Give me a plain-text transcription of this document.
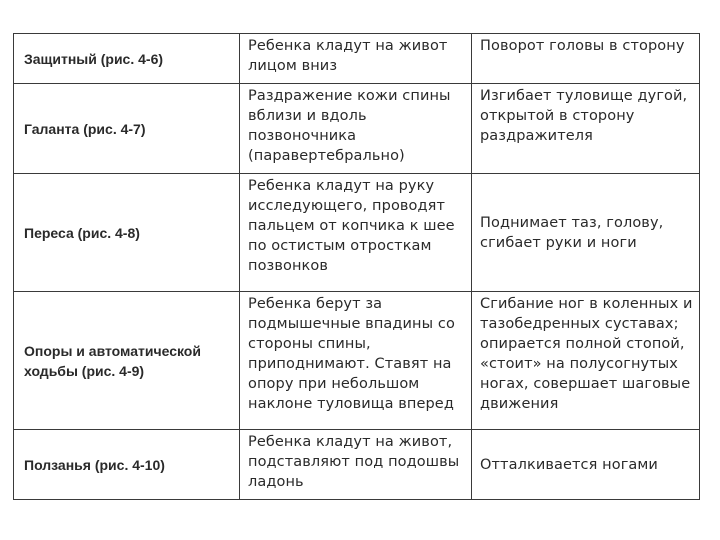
Защитный (рис. 4-6)	Ребенка кладут на живот лицом вниз	Поворот головы в сторону
Галанта (рис. 4-7)	Раздражение кожи спины вблизи и вдоль позвоночника (паравертебрально)	Изгибает туловище дугой, открытой в сторону раздражителя
Переса (рис. 4-8)	Ребенка кладут на руку исследующего, проводят пальцем от копчика к шее по остистым отросткам позвонков	Поднимает таз, голову, сгибает руки и ноги
Опоры и автоматической ходьбы (рис. 4-9)	Ребенка берут за подмышечные впадины со стороны спины, приподнимают. Ставят на опору при небольшом наклоне туловища вперед	Сгибание ног в коленных и тазобедренных суставах; опирается полной стопой, «стоит» на полусогнутых ногах, совершает шаговые движения
Ползанья (рис. 4-10)	Ребенка кладут на живот, подставляют под подошвы ладонь	Отталкивается ногами
